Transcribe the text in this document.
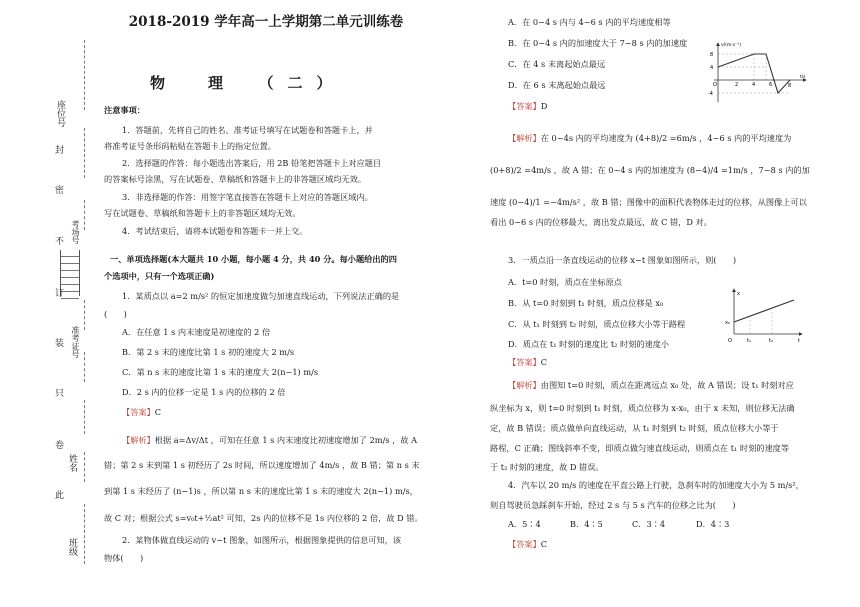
座位号
封
密
不 考场号
订
装 准考证号
只
卷
姓名
此
班级
2018-2019 学年高一上学期第二单元训练卷
物　理　（二）
注意事项：
1．答题前，先将自己的姓名、准考证号填写在试题卷和答题卡上，并
将准考证号条形码粘贴在答题卡上的指定位置。
2．选择题的作答：每小题选出答案后，用 2B 铅笔把答题卡上对应题目
的答案标号涂黑，写在试题卷、草稿纸和答题卡上的非答题区域均无效。
3．非选择题的作答：用签字笔直接答在答题卡上对应的答题区域内。
写在试题卷、草稿纸和答题卡上的非答题区域均无效。
4．考试结束后，请将本试题卷和答题卡一并上交。
一、单项选择题(本大题共 10 小题，每小题 4 分，共 40 分。每小题给出的四
个选项中，只有一个选项正确)
1．某质点以 a=2 m/s² 的恒定加速度做匀加速直线运动，下列说法正确的是
(　　)
A．在任意 1 s 内末速度是初速度的 2 倍
B．第 2 s 末的速度比第 1 s 初的速度大 2 m/s
C．第 n s 末的速度比第 1 s 末的速度大 2(n−1) m/s
D．2 s 内的位移一定是 1 s 内的位移的 2 倍
【答案】C
【解析】根据 a=Δv/Δt ，可知在任意 1 s 内末速度比初速度增加了 2m/s ，故 A
错；第 2 s 末到第 1 s 初经历了 2s 时间，所以速度增加了 4m/s ，故 B 错；第 n s 末
到第 1 s 末经历了 (n−1)s ，所以第 n s 末的速度比第 1 s 末的速度大 2(n−1) m/s，
故 C 对；根据公式 s=v₀t+½at² 可知，2s 内的位移不是 1s 内位移的 2 倍，故 D 错。
2．某物体做直线运动的 v−t 图象，如图所示，根据图象提供的信息可知，该
物体(　　)
A．在 0~4 s 内与 4~6 s 内的平均速度相等
B．在 0~4 s 内的加速度大于 7~8 s 内的加速度
C．在 4 s 末离起始点最远
D．在 6 s 末离起始点最远
【答案】D
【解析】在 0~4s 内的平均速度为 (4+8)/2 =6m/s ，4~6 s 内的平均速度为
(0+8)/2 =4m/s ，故 A 错；在 0~4 s 内的加速度为 (8−4)/4 =1m/s ，7~8 s 内的加
速度 (0−4)/1 =−4m/s² ，故 B 错；图像中的面积代表物体走过的位移，从图像上可以
看出 0~6 s 内的位移最大，离出发点最远，故 C 错，D 对。
v/(m·s⁻¹)
t/s
8
4
-4
O	2	4	6	8
3．一质点沿一条直线运动的位移 x−t 图象如图所示，则(　　)
A．t=0 时刻，质点在坐标原点
B．从 t=0 时刻到 t₁ 时刻，质点位移是 x₀
C．从 t₁ 时刻到 t₂ 时刻，质点位移大小等于路程
D．质点在 t₁ 时刻的速度比 t₂ 时刻的速度小
【答案】C
x
t
x₀
O	t₁	t₂
【解析】由图知 t=0 时刻，质点在距离远点 x₀ 处，故 A 错误；设 t₁ 时刻对应
纵坐标为 x，则 t=0 时刻到 t₁ 时刻，质点位移为 x-x₀，由于 x 未知，则位移无法确
定，故 B 错误；质点做单向直线运动，从 t₁ 时刻到 t₂ 时刻，质点位移大小等于
路程，C 正确；图线斜率不变，即质点做匀速直线运动，则质点在 t₁ 时刻的速度等
于 t₂ 时刻的速度，故 D 错误。
4．汽车以 20 m/s 的速度在平直公路上行驶，急刹车时的加速度大小为 5 m/s²，
则自驾驶员急踩刹车开始，经过 2 s 与 5 s 汽车的位移之比为(　　)
A．5∶4	B．4∶5	C．3∶4	D．4∶3
【答案】C
